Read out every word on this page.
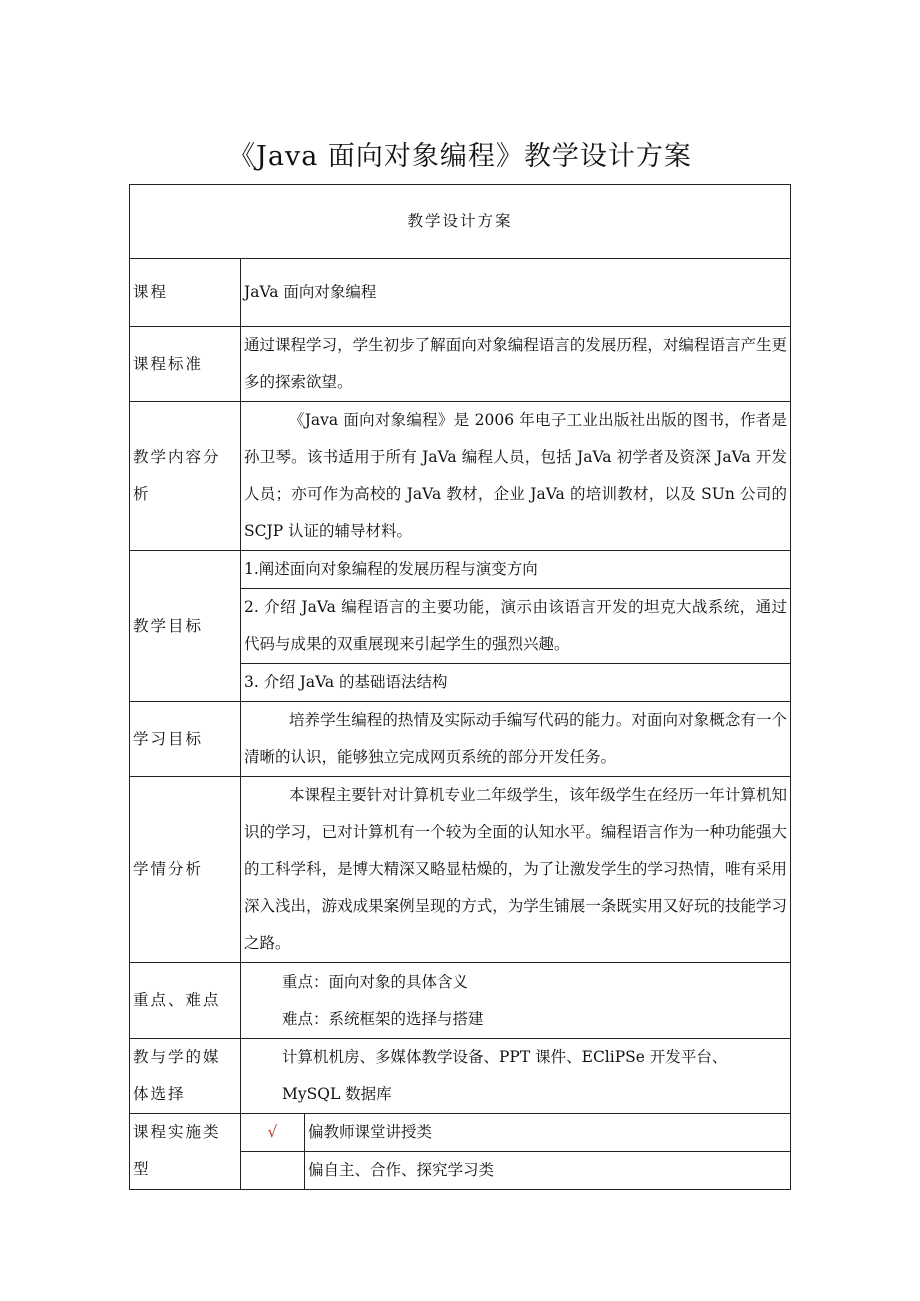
《Java 面向对象编程》教学设计方案
教学设计方案		
课程	JaVa 面向对象编程	
课程标准	通过课程学习，学生初步了解面向对象编程语言的发展历程，对编程语言产生更多的探索欲望。	
教学内容分析	《Java 面向对象编程》是 2006 年电子工业出版社出版的图书，作者是孙卫琴。该书适用于所有 JaVa 编程人员，包括 JaVa 初学者及资深 JaVa 开发人员；亦可作为高校的 JaVa 教材，企业 JaVa 的培训教材，以及 SUn 公司的 SCJP 认证的辅导材料。	
教学目标	1.阐述面向对象编程的发展历程与演变方向	
	2. 介绍 JaVa 编程语言的主要功能，演示由该语言开发的坦克大战系统，通过代码与成果的双重展现来引起学生的强烈兴趣。	
	3. 介绍 JaVa 的基础语法结构	
学习目标	培养学生编程的热情及实际动手编写代码的能力。对面向对象概念有一个清晰的认识，能够独立完成网页系统的部分开发任务。	
学情分析	本课程主要针对计算机专业二年级学生，该年级学生在经历一年计算机知识的学习，已对计算机有一个较为全面的认知水平。编程语言作为一种功能强大的工科学科，是博大精深又略显枯燥的，为了让激发学生的学习热情，唯有采用深入浅出，游戏成果案例呈现的方式，为学生铺展一条既实用又好玩的技能学习之路。	
重点、难点	重点：面向对象的具体含义
难点：系统框架的选择与搭建	

教与学的媒体选择	计算机机房、多媒体教学设备、PPT 课件、ECliPSe 开发平台、
MySQL 数据库	

课程实施类型	√	偏教师课堂讲授类
		偏自主、合作、探究学习类
